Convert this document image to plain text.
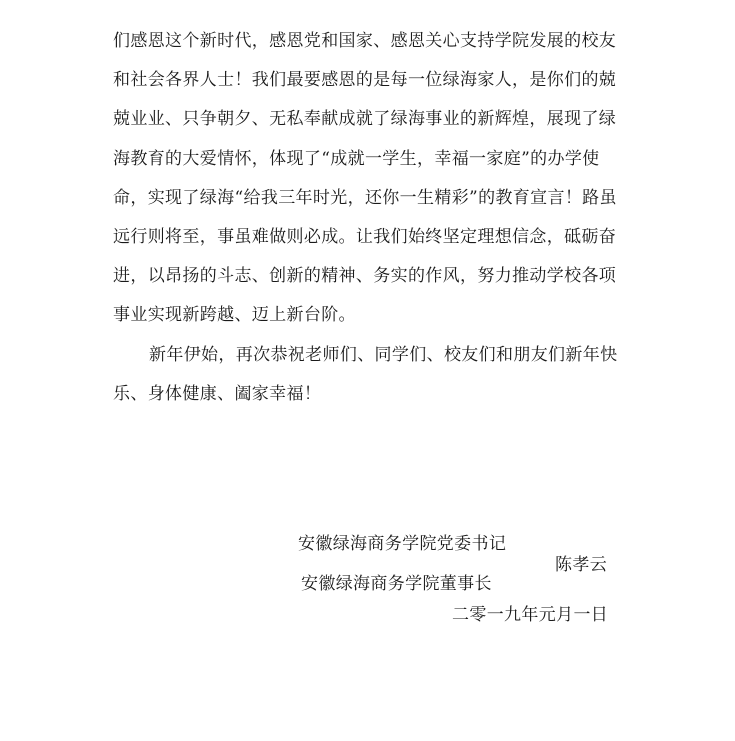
们感恩这个新时代，感恩党和国家、感恩关心支持学院发展的校友
和社会各界人士！我们最要感恩的是每一位绿海家人，是你们的兢
兢业业、只争朝夕、无私奉献成就了绿海事业的新辉煌，展现了绿
海教育的大爱情怀，体现了“成就一学生，幸福一家庭”的办学使
命，实现了绿海“给我三年时光，还你一生精彩”的教育宣言！路虽
远行则将至，事虽难做则必成。让我们始终坚定理想信念，砥砺奋
进，以昂扬的斗志、创新的精神、务实的作风，努力推动学校各项
事业实现新跨越、迈上新台阶。
新年伊始，再次恭祝老师们、同学们、校友们和朋友们新年快
乐、身体健康、阖家幸福！
安徽绿海商务学院党委书记
陈孝云
安徽绿海商务学院董事长
二零一九年元月一日
